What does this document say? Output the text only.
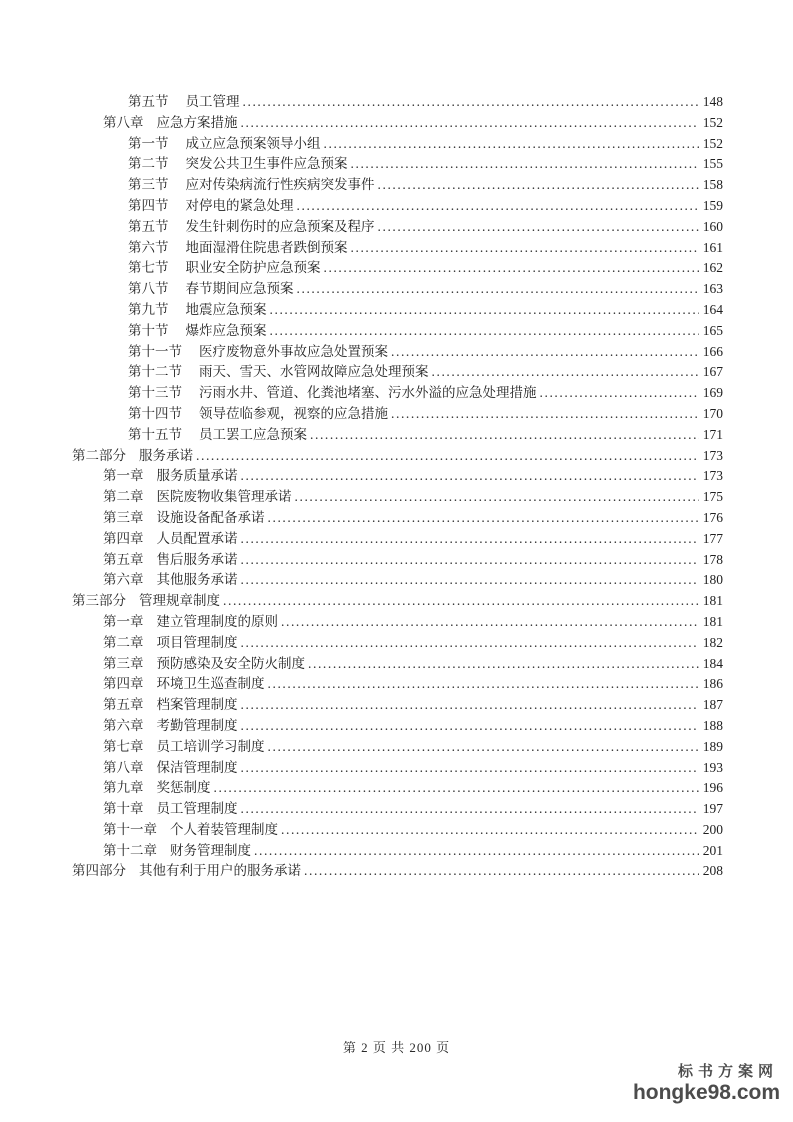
第五节 员工管理 .....	148
第八章 应急方案措施 .....	152
第一节 成立应急预案领导小组 .....	152
第二节 突发公共卫生事件应急预案 .....	155
第三节 应对传染病流行性疾病突发事件 .....	158
第四节 对停电的紧急处理 .....	159
第五节 发生针刺伤时的应急预案及程序 .....	160
第六节 地面湿滑住院患者跌倒预案 .....	161
第七节 职业安全防护应急预案 .....	162
第八节 春节期间应急预案 .....	163
第九节 地震应急预案 .....	164
第十节 爆炸应急预案 .....	165
第十一节 医疗废物意外事故应急处置预案 .....	166
第十二节 雨天、雪天、水管网故障应急处理预案 .....	167
第十三节 污雨水井、管道、化粪池堵塞、污水外溢的应急处理措施 .....	169
第十四节 领导莅临参观，视察的应急措施 .....	170
第十五节 员工罢工应急预案 .....	171
第二部分 服务承诺 .....	173
第一章 服务质量承诺 .....	173
第二章 医院废物收集管理承诺 .....	175
第三章 设施设备配备承诺 .....	176
第四章 人员配置承诺 .....	177
第五章 售后服务承诺 .....	178
第六章 其他服务承诺 .....	180
第三部分 管理规章制度 .....	181
第一章 建立管理制度的原则 .....	181
第二章 项目管理制度 .....	182
第三章 预防感染及安全防火制度 .....	184
第四章 环境卫生巡查制度 .....	186
第五章 档案管理制度 .....	187
第六章 考勤管理制度 .....	188
第七章 员工培训学习制度 .....	189
第八章 保洁管理制度 .....	193
第九章 奖惩制度 .....	196
第十章 员工管理制度 .....	197
第十一章 个人着装管理制度 .....	200
第十二章 财务管理制度 .....	201
第四部分 其他有利于用户的服务承诺 .....	208
第 2 页 共 200 页
标书方案网
hongke98.com
